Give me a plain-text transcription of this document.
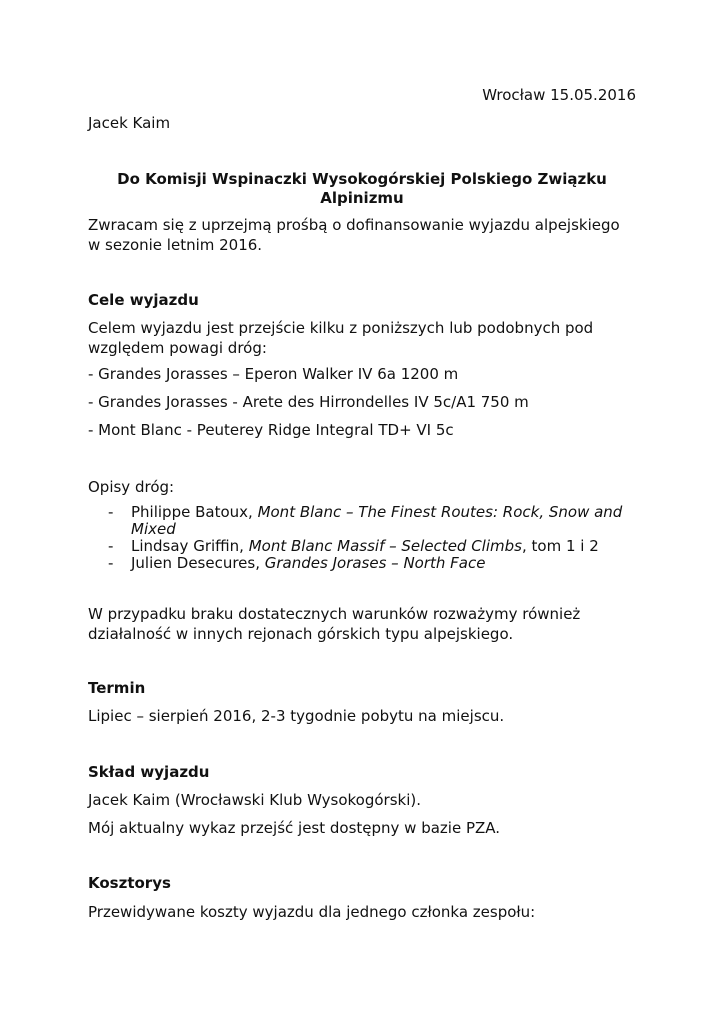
Wrocław 15.05.2016

Jacek Kaim

Do Komisji Wspinaczki Wysokogórskiej Polskiego Związku Alpinizmu

Zwracam się z uprzejmą prośbą o dofinansowanie wyjazdu alpejskiego w sezonie letnim 2016.

Cele wyjazdu

Celem wyjazdu jest przejście kilku z poniższych lub podobnych pod względem powagi dróg:

- Grandes Jorasses – Eperon Walker IV 6a 1200 m

- Grandes Jorasses - Arete des Hirrondelles IV 5c/A1 750 m

- Mont Blanc - Peuterey Ridge Integral TD+ VI 5c

Opisy dróg:

- Philippe Batoux, Mont Blanc – The Finest Routes: Rock, Snow and Mixed
- Lindsay Griffin, Mont Blanc Massif – Selected Climbs, tom 1 i 2
- Julien Desecures, Grandes Jorases – North Face

W przypadku braku dostatecznych warunków rozważymy również działalność w innych rejonach górskich typu alpejskiego.

Termin

Lipiec – sierpień 2016, 2-3 tygodnie pobytu na miejscu.

Skład wyjazdu

Jacek Kaim (Wrocławski Klub Wysokogórski).

Mój aktualny wykaz przejść jest dostępny w bazie PZA.

Kosztorys

Przewidywane koszty wyjazdu dla jednego członka zespołu:
